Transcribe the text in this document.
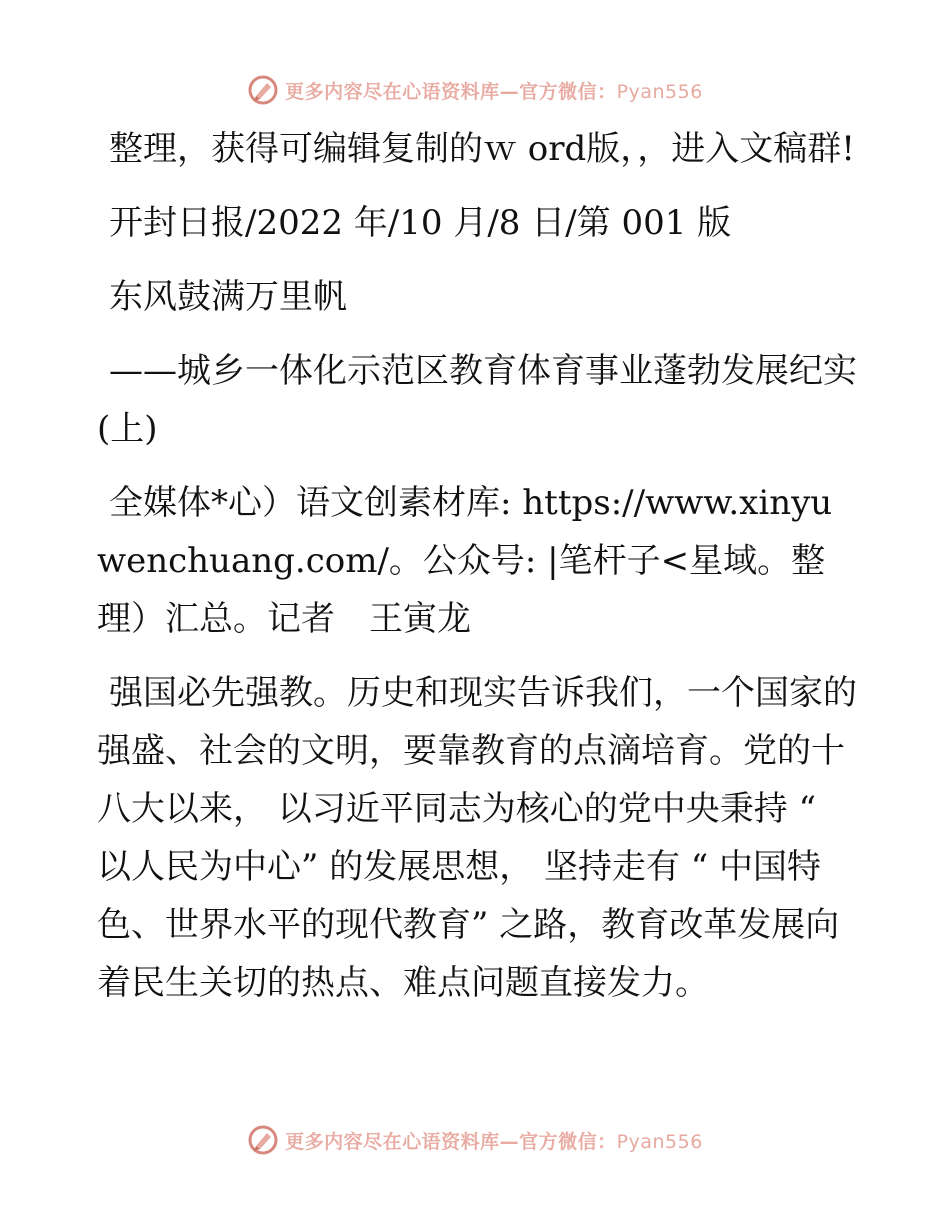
更多内容尽在心语资料库—官方微信：Pyan556

整理，获得可编辑复制的ｗ ord版，，进入文稿群!

开封日报/2022 年/10 月/8 日/第 001 版

东风鼓满万里帆

——城乡一体化示范区教育体育事业蓬勃发展纪实(上)

全媒体*心）语文创素材库: https://www.xinyuwenchuang.com/。公众号: |笔杆子<星域。整理）汇总。记者　王寅龙

强国必先强教。历史和现实告诉我们，一个国家的强盛、社会的文明，要靠教育的点滴培育。党的十八大以来， 以习近平同志为核心的党中央秉持 “ 以人民为中心” 的发展思想， 坚持走有 “ 中国特色、世界水平的现代教育” 之路，教育改革发展向着民生关切的热点、难点问题直接发力。

更多内容尽在心语资料库—官方微信：Pyan556
